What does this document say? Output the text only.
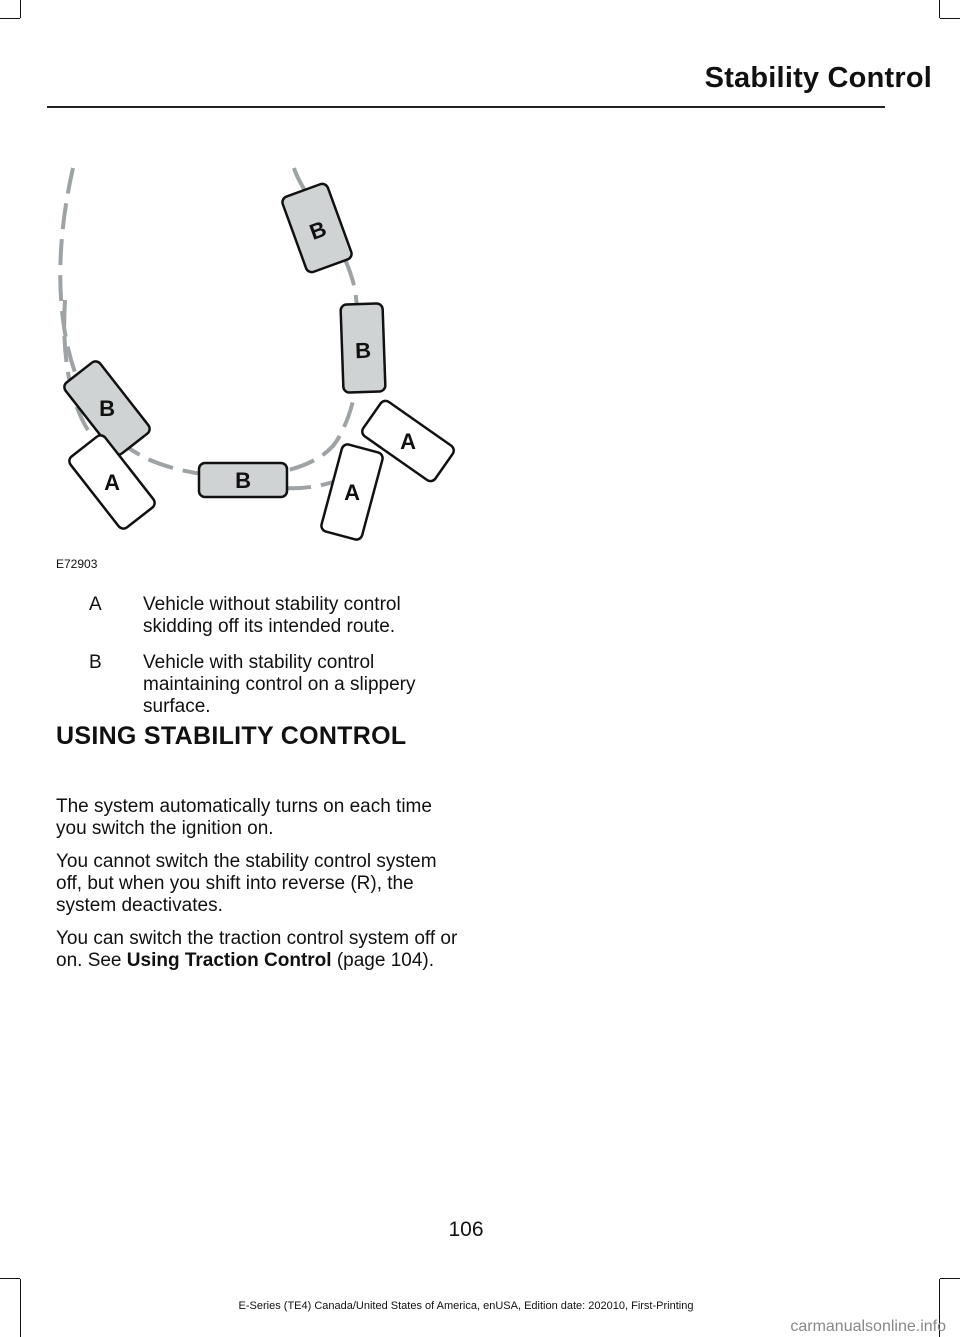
Stability Control
B
B
B
B
A	A
A
E72903
A	Vehicle without stability control skidding off its intended route.
B	Vehicle with stability control maintaining control on a slippery surface.
USING STABILITY CONTROL

The system automatically turns on each time you switch the ignition on.

You cannot switch the stability control system off, but when you shift into reverse (R), the system deactivates.

You can switch the traction control system off or on. See Using Traction Control (page 104).

106
E-Series (TE4) Canada/United States of America, enUSA, Edition date: 202010, First-Printing
carmanualsonline.info
